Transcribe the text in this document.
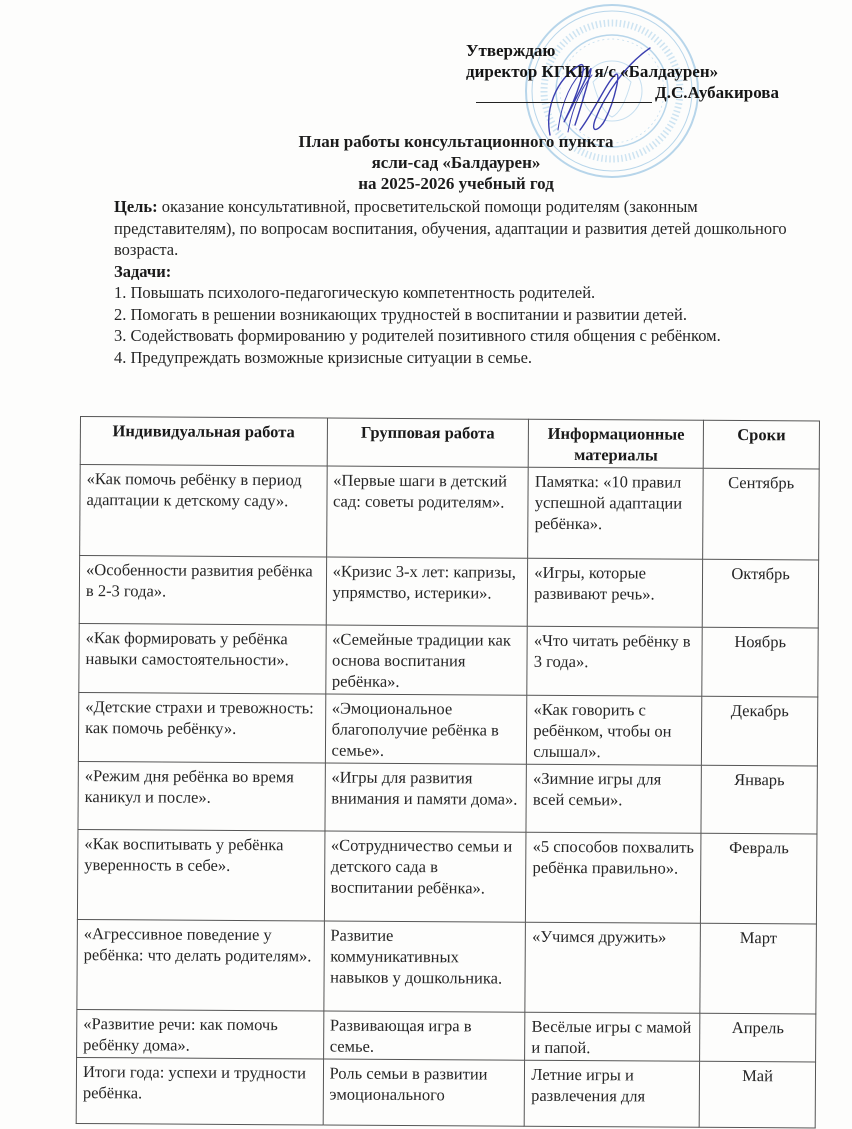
Утверждаю
директор КГКП я/с «Балдаурен»
Д.С.Аубакирова
План работы консультационного пункта
ясли-сад «Балдаурен»
на 2025-2026 учебный год

Цель: оказание консультативной, просветительской помощи родителям (законным представителям), по вопросам воспитания, обучения, адаптации и развития детей дошкольного возраста.

Задачи:

1. Повышать психолого-педагогическую компетентность родителей.

2. Помогать в решении возникающих трудностей в воспитании и развитии детей.

3. Содействовать формированию у родителей позитивного стиля общения с ребёнком.

4. Предупреждать возможные кризисные ситуации в семье.

Индивидуальная работа	Групповая работа	Информационные материалы	Сроки
«Как помочь ребёнку в период адаптации к детскому саду».	«Первые шаги в детский сад: советы родителям».	Памятка: «10 правил успешной адаптации ребёнка».	Сентябрь
«Особенности развития ребёнка в 2-3 года».	«Кризис 3-х лет: капризы, упрямство, истерики».	«Игры, которые развивают речь».	Октябрь
«Как формировать у ребёнка навыки самостоятельности».	«Семейные традиции как основа воспитания ребёнка».	«Что читать ребёнку в 3 года».	Ноябрь
«Детские страхи и тревожность: как помочь ребёнку».	«Эмоциональное благополучие ребёнка в семье».	«Как говорить с ребёнком, чтобы он слышал».	Декабрь
«Режим дня ребёнка во время каникул и после».	«Игры для развития внимания и памяти дома».	«Зимние игры для всей семьи».	Январь
«Как воспитывать у ребёнка уверенность в себе».	«Сотрудничество семьи и детского сада в воспитании ребёнка».	«5 способов похвалить ребёнка правильно».	Февраль
«Агрессивное поведение у ребёнка: что делать родителям».	Развитие коммуникативных навыков у дошкольника.	«Учимся дружить»	Март
«Развитие речи: как помочь ребёнку дома».	Развивающая игра в семье.	Весёлые игры с мамой и папой.	Апрель
Итоги года: успехи и трудности ребёнка.	Роль семьи в развитии эмоционального	Летние игры и развлечения для	Май
